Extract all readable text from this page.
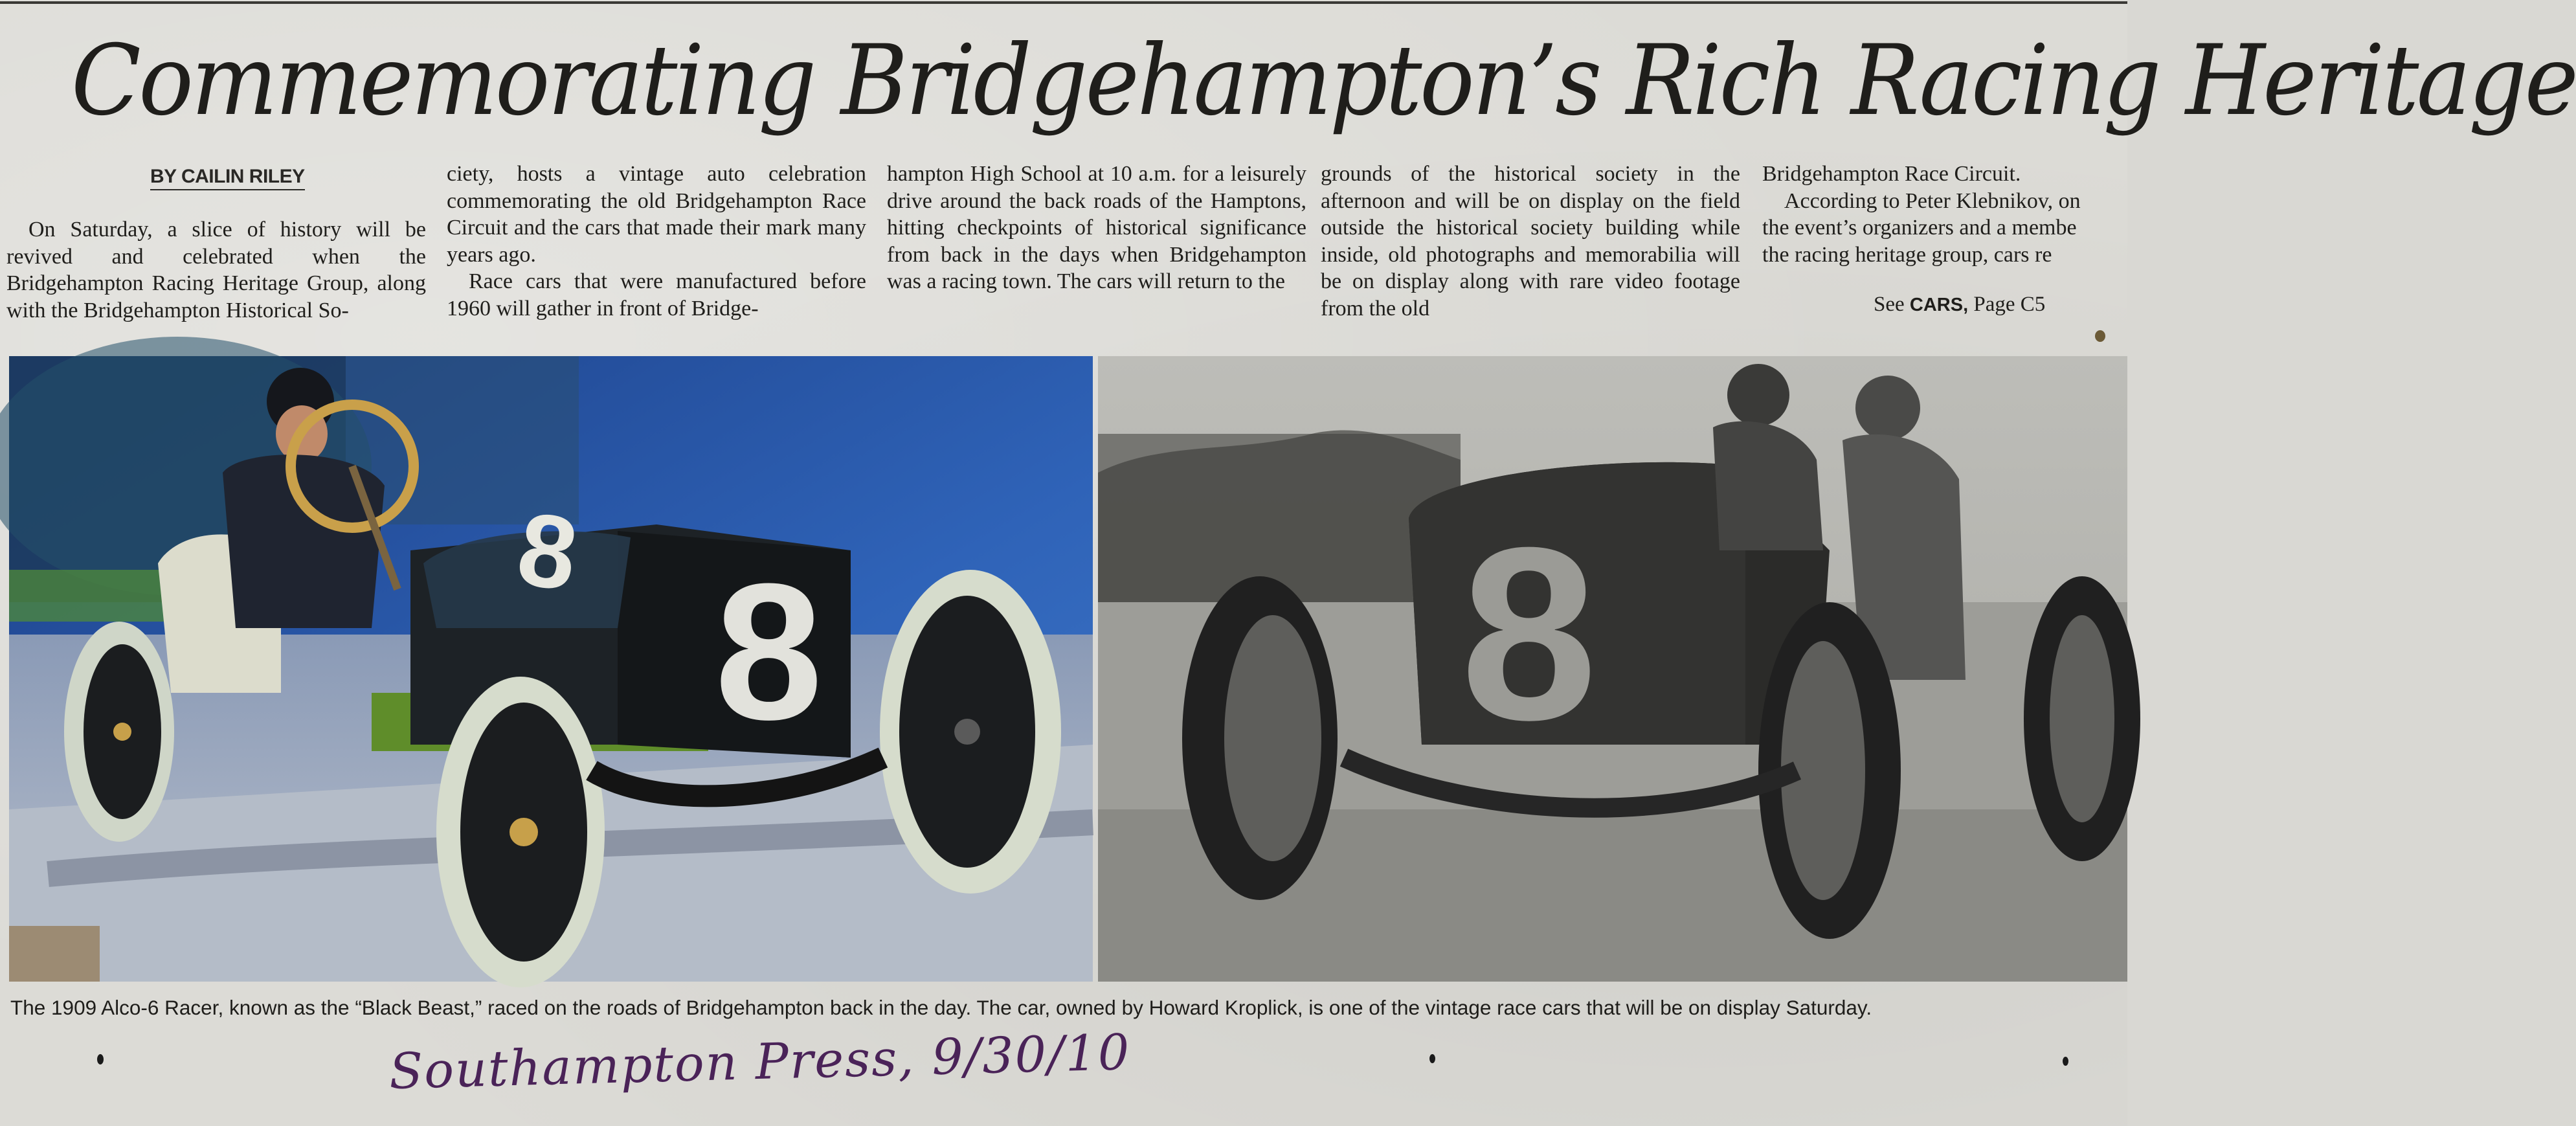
Commemorating Bridgehampton’s Rich Racing Heritage
BY CAILIN RILEY

On Saturday, a slice of history will be revived and celebrated when the Bridgehampton Racing Heritage Group, along with the Bridgehampton Historical So-

ciety, hosts a vintage auto celebration commemorating the old Bridgehampton Race Circuit and the cars that made their mark many years ago.

Race cars that were manufactured before 1960 will gather in front of Bridge-

hampton High School at 10 a.m. for a leisurely drive around the back roads of the Hamptons, hitting checkpoints of historical significance from back in the days when Bridgehampton was a racing town. The cars will return to the

grounds of the historical society in the afternoon and will be on display on the field outside the historical society building while inside, old photographs and memorabilia will be on display along with rare video footage from the old

Bridgehampton Race Circuit.
According to Peter Klebnikov, on
the event’s organizers and a membe
the racing heritage group, cars re
See CARS, Page C5
8
8	8
The 1909 Alco-6 Racer, known as the “Black Beast,” raced on the roads of Bridgehampton back in the day. The car, owned by Howard Kroplick, is one of the vintage race cars that will be on display Saturday.
Southampton Press, 9/30/10
